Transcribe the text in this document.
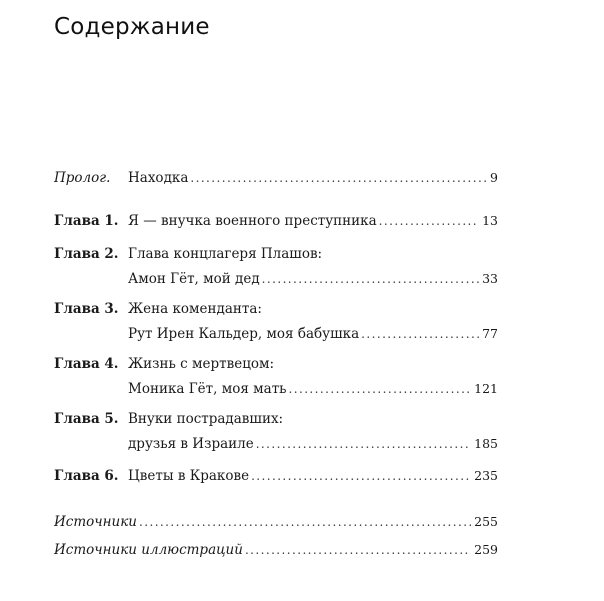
Содержание
Пролог.	Находка . . .	9
Глава 1. Я — внучка военного преступника . . .	13
Глава 2. Глава концлагеря Плашов:
Амон Гёт, мой дед . . .	33
Глава 3. Жена коменданта:
Рут Ирен Кальдер, моя бабушка . . .	77
Глава 4. Жизнь с мертвецом:
Моника Гёт, моя мать . . .	121
Глава 5. Внуки пострадавших:
друзья в Израиле . . .	185
Глава 6. Цветы в Кракове . . .	235
Источники . . .	255
Источники иллюстраций . . .	259
